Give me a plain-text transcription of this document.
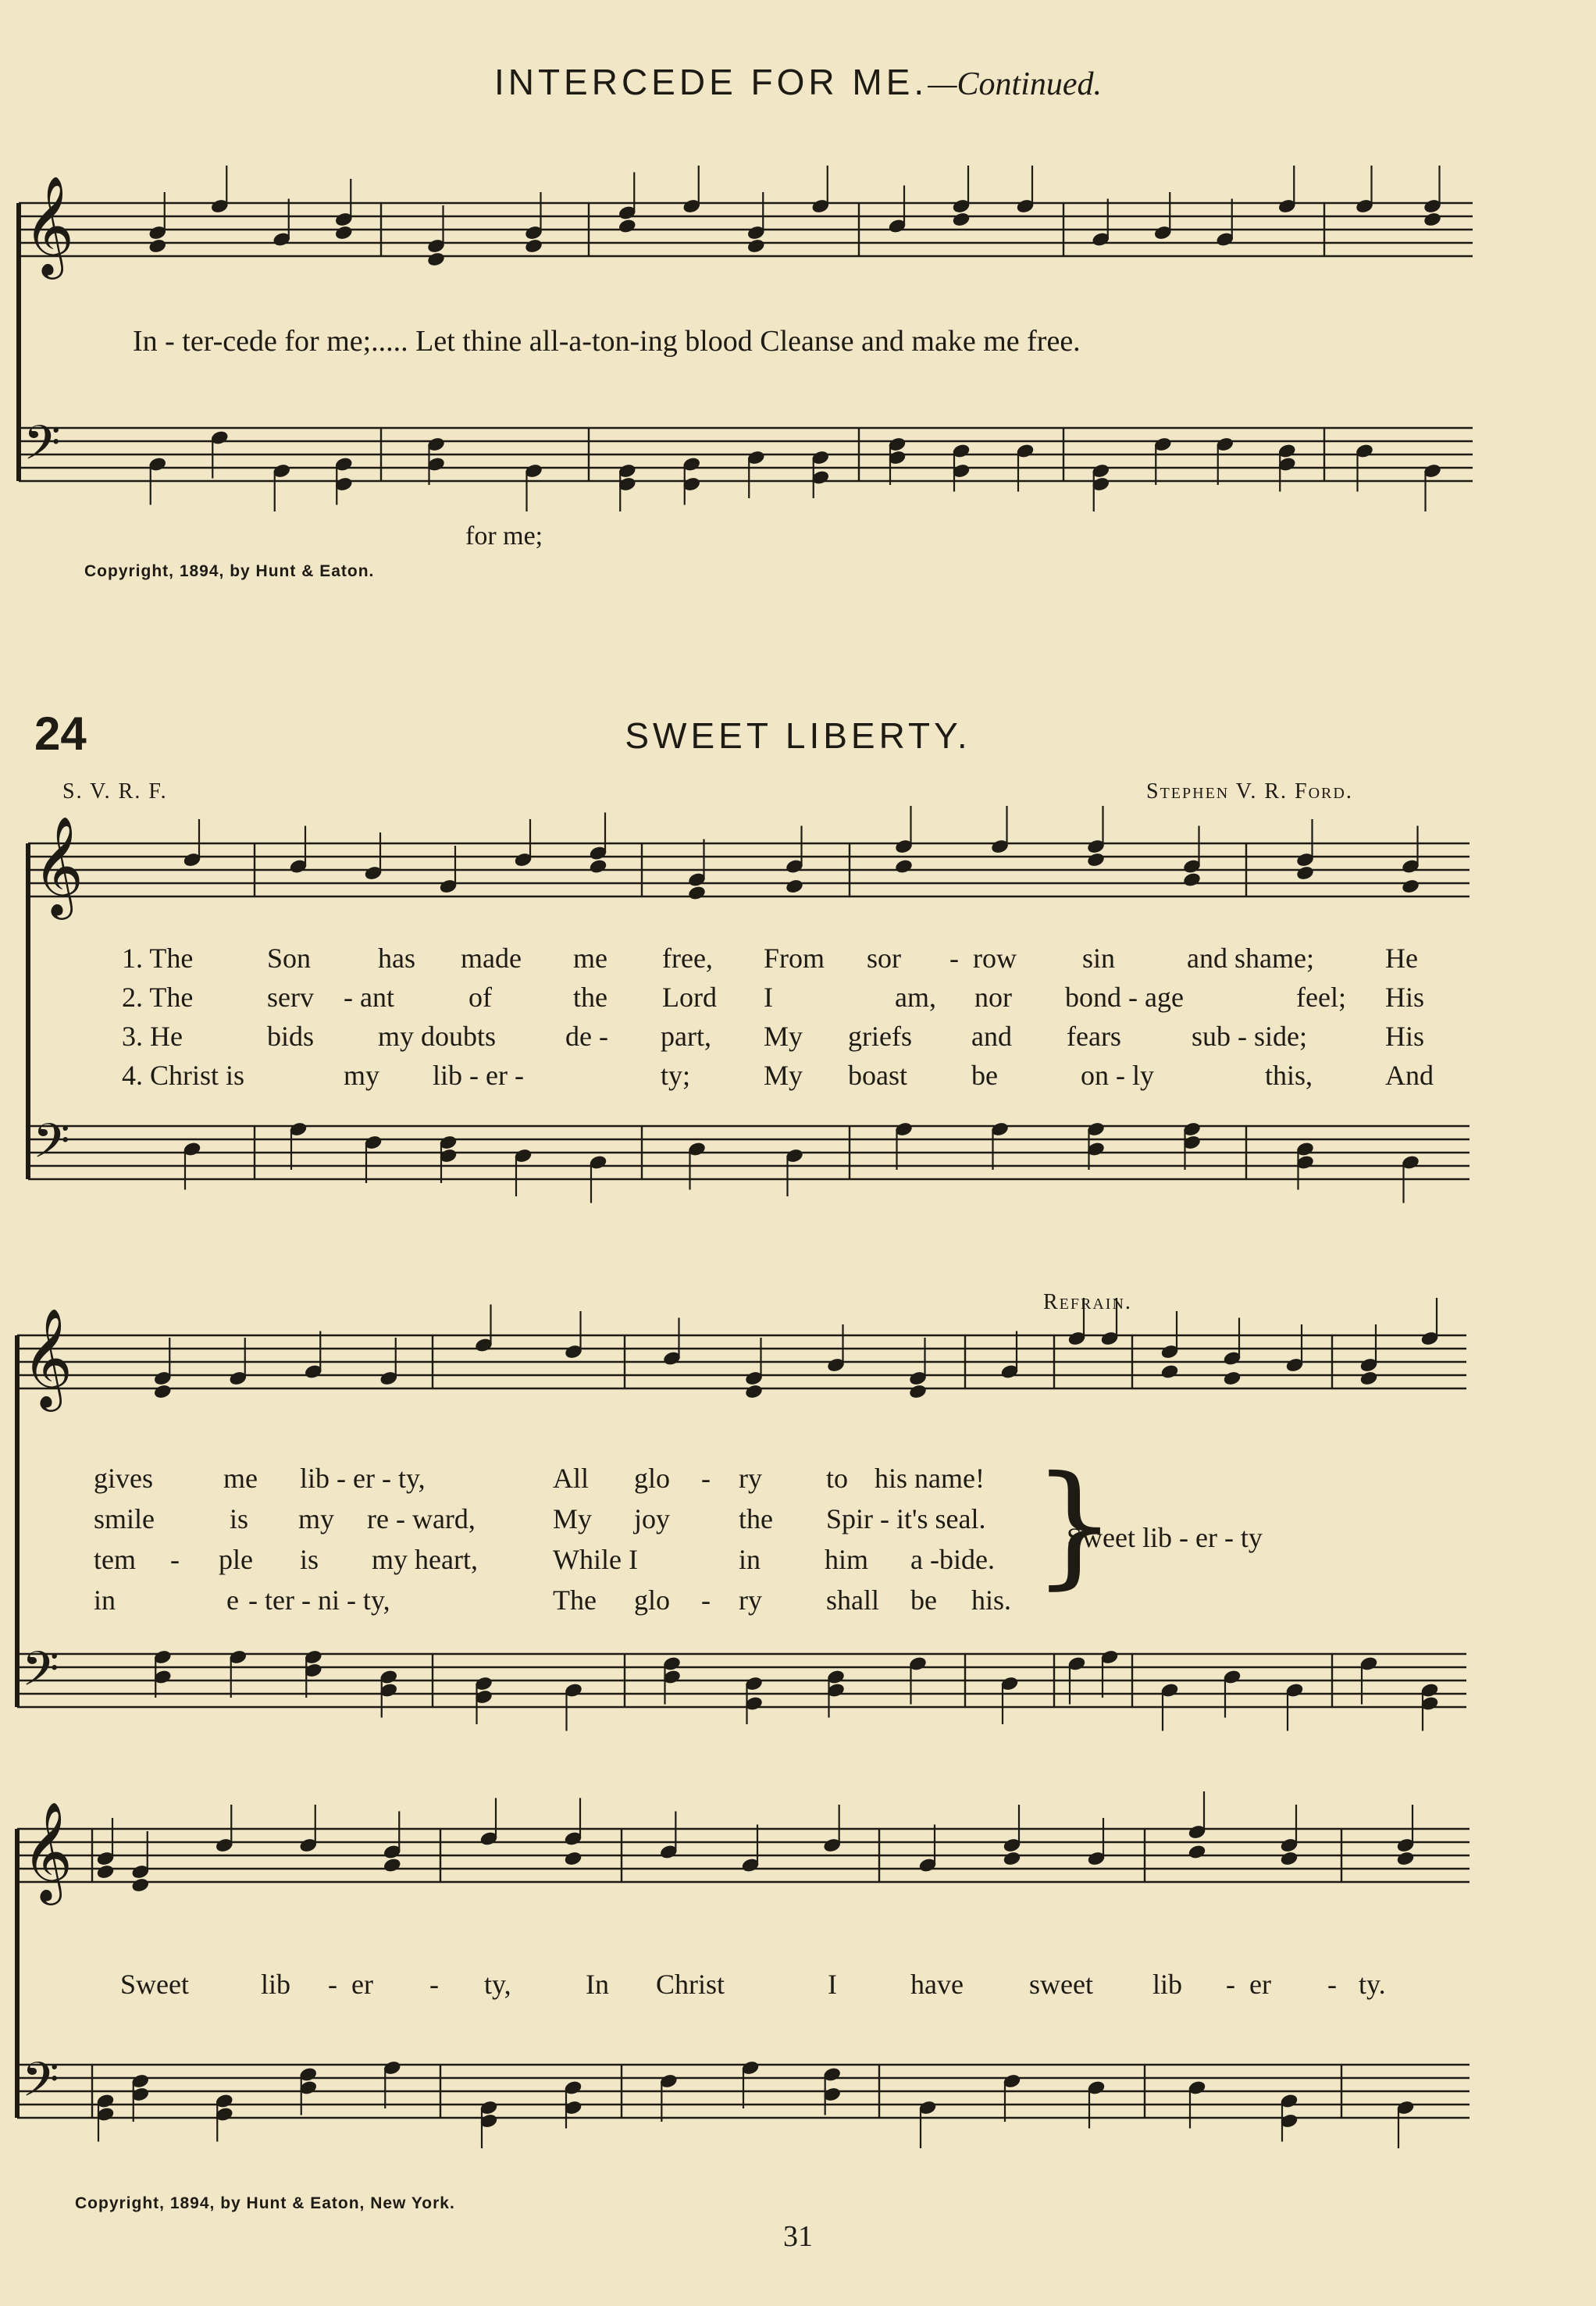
INTERCEDE FOR ME.—Continued.
𝄞
𝄢
𝄞
𝄢
𝄞
𝄢
𝄞
𝄢
In - ter-cede for me;..... Let thine all-a-ton-ing blood Cleanse and make me free.
for me;
Copyright, 1894, by Hunt & Eaton.
24	SWEET LIBERTY.
S. V. R. F.	Stephen V. R. Ford.
1. The	Son has made me free, From sor - row sin	and shame;	He
2. The	serv - ant	of	the Lord I	am, nor bond - age	feel; His
3. He	bids my doubts de - part, My griefs and fears	sub - side;	His
4. Christ is	my lib - er -	ty;	My boast be	on - ly	this,	And
gives	me lib - er - ty,	All glo - ry to his name!
smile	is my re - ward,	My joy the Spir - it's seal.
tem - ple is my heart,	While I	in him a -bide.
in	e - ter - ni - ty,	The glo - ry shall be his. }
Refrain.
Sweet lib - er - ty
Sweet	lib - er - ty,	In Christ	I	have sweet lib - er - ty.
Copyright, 1894, by Hunt & Eaton, New York.
31
